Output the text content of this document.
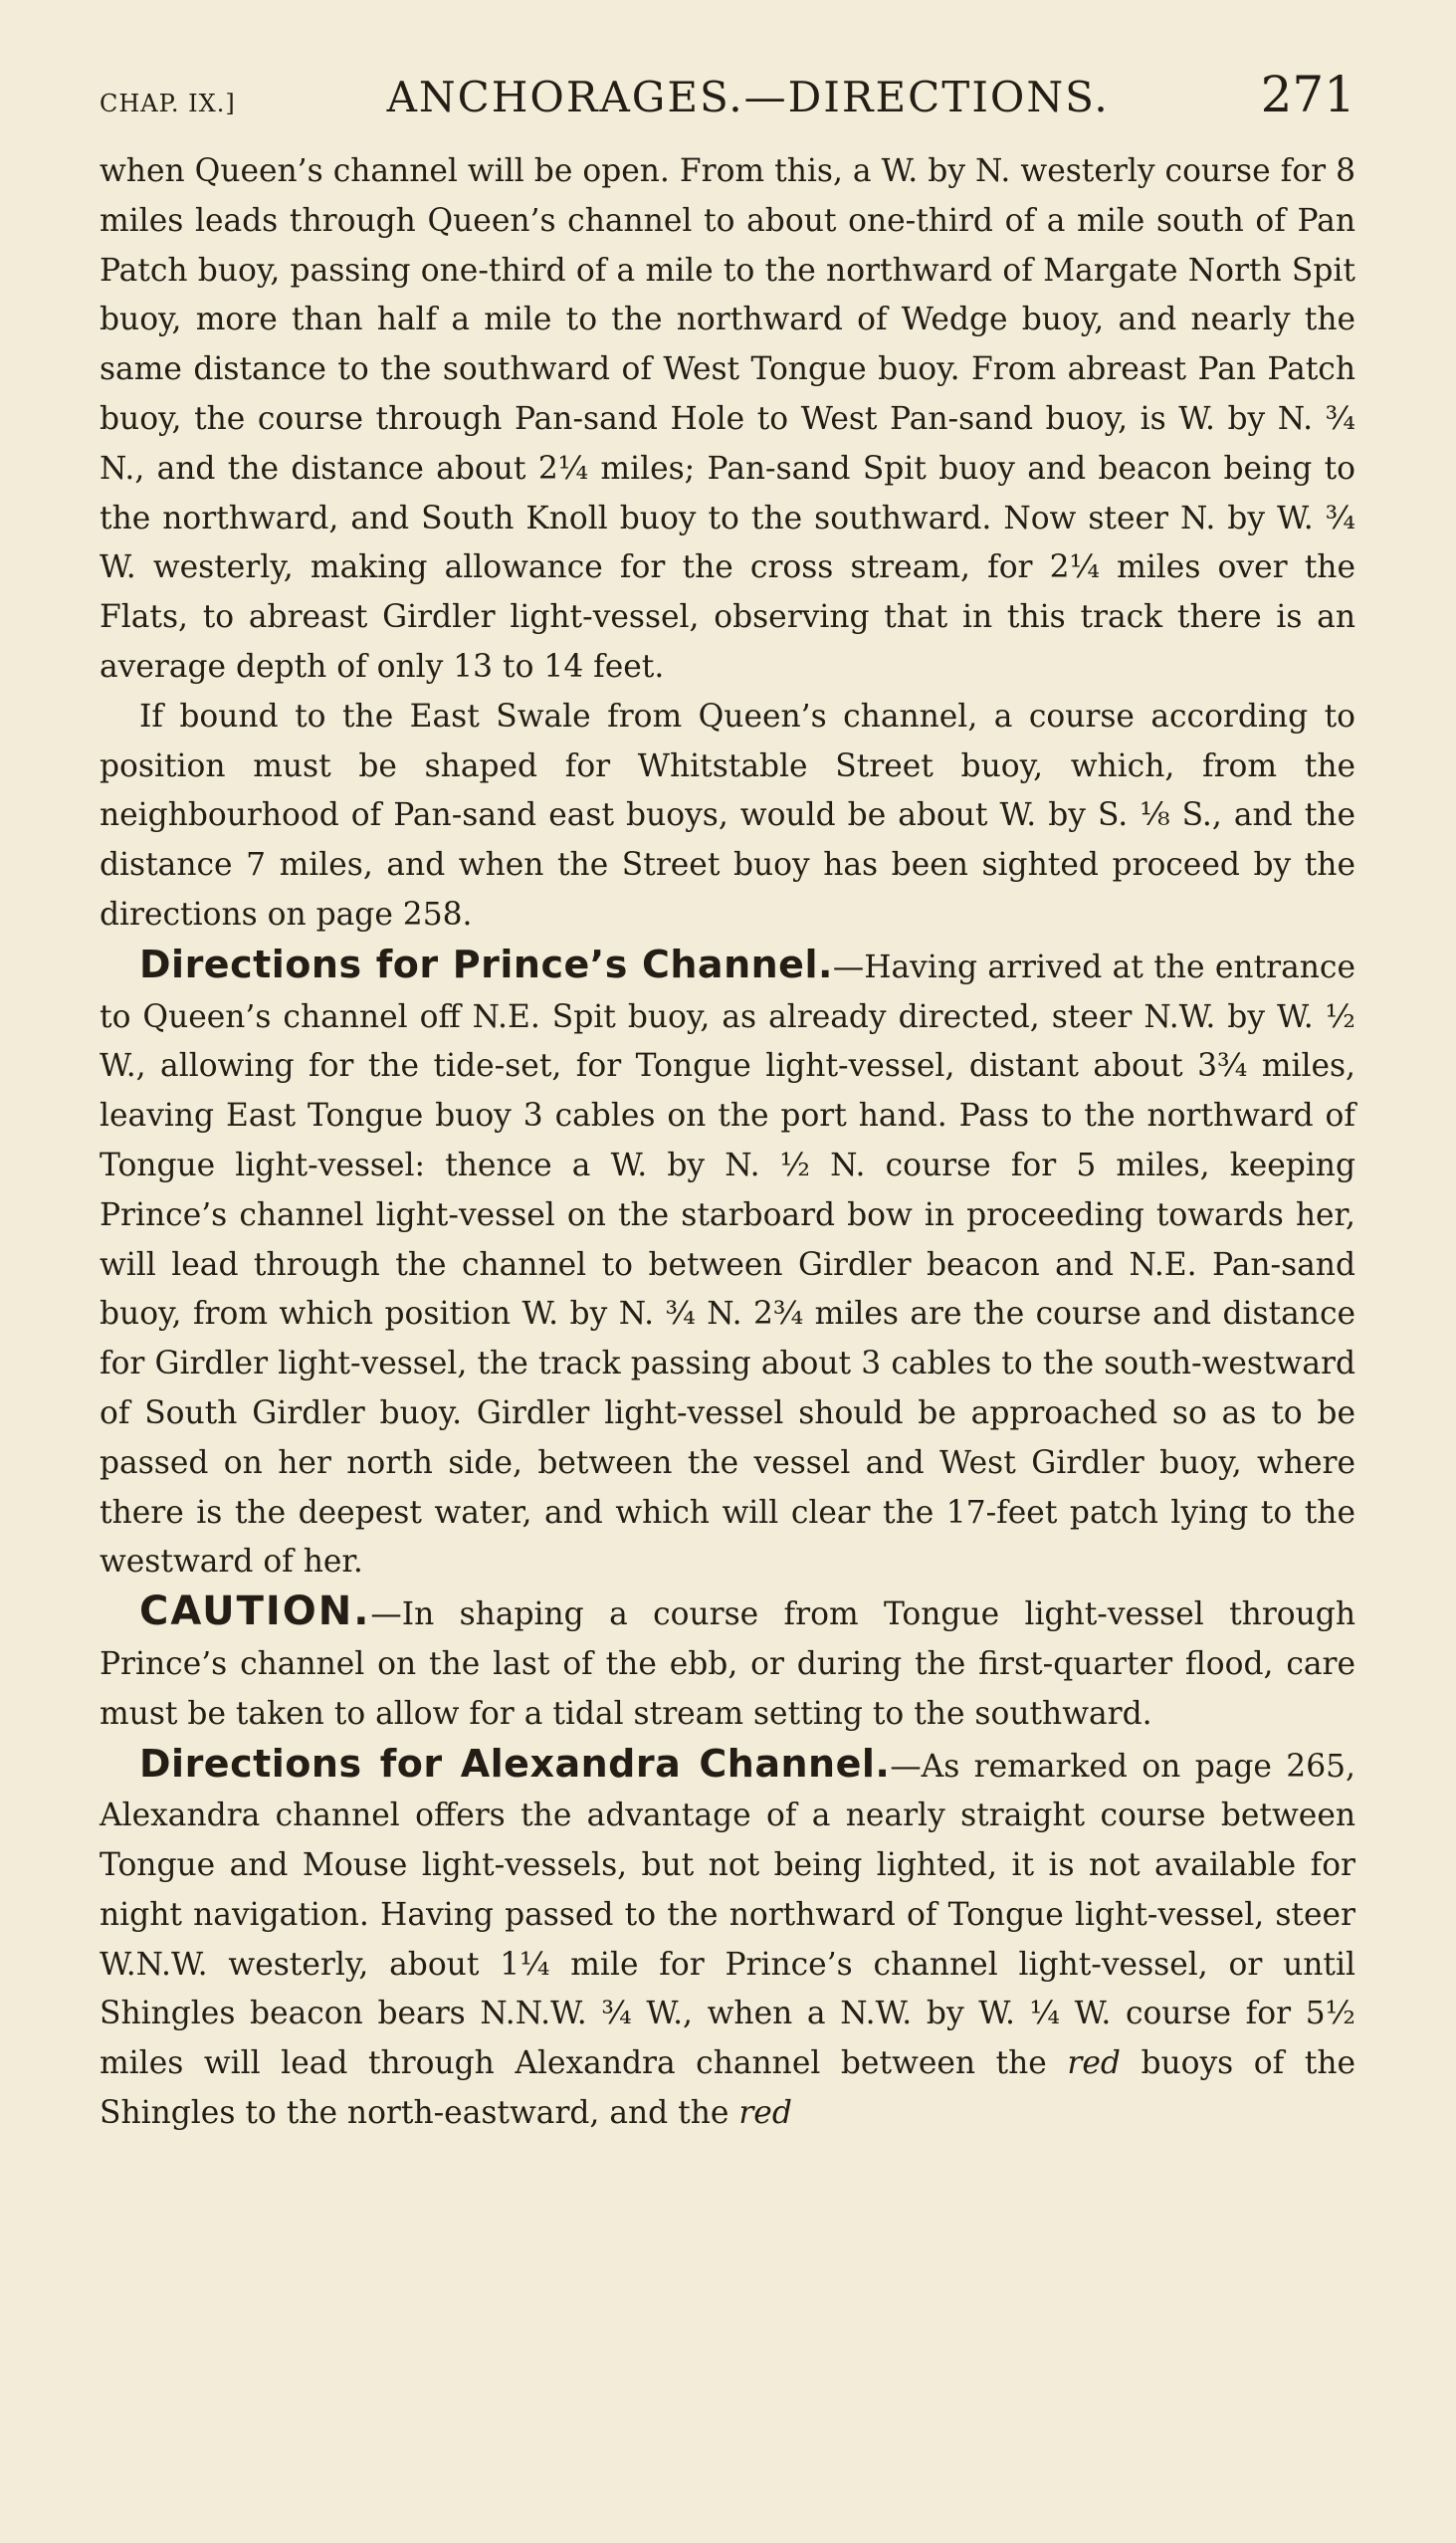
CHAP. IX.]	ANCHORAGES.—DIRECTIONS.	271

when Queen’s channel will be open. From this, a W. by N. westerly course for 8 miles leads through Queen’s channel to about one-third of a mile south of Pan Patch buoy, passing one-third of a mile to the northward of Margate North Spit buoy, more than half a mile to the northward of Wedge buoy, and nearly the same distance to the southward of West Tongue buoy. From abreast Pan Patch buoy, the course through Pan-sand Hole to West Pan-sand buoy, is W. by N. ¾ N., and the distance about 2¼ miles; Pan-sand Spit buoy and beacon being to the northward, and South Knoll buoy to the southward. Now steer N. by W. ¾ W. westerly, making allowance for the cross stream, for 2¼ miles over the Flats, to abreast Girdler light-vessel, observing that in this track there is an average depth of only 13 to 14 feet.

If bound to the East Swale from Queen’s channel, a course according to position must be shaped for Whitstable Street buoy, which, from the neighbourhood of Pan-sand east buoys, would be about W. by S. ⅛ S., and the distance 7 miles, and when the Street buoy has been sighted proceed by the directions on page 258.

Directions for Prince’s Channel.—Having arrived at the entrance to Queen’s channel off N.E. Spit buoy, as already directed, steer N.W. by W. ½ W., allowing for the tide-set, for Tongue light-vessel, distant about 3¾ miles, leaving East Tongue buoy 3 cables on the port hand. Pass to the northward of Tongue light-vessel: thence a W. by N. ½ N. course for 5 miles, keeping Prince’s channel light-vessel on the starboard bow in proceeding towards her, will lead through the channel to between Girdler beacon and N.E. Pan-sand buoy, from which position W. by N. ¾ N. 2¾ miles are the course and distance for Girdler light-vessel, the track passing about 3 cables to the south-westward of South Girdler buoy. Girdler light-vessel should be approached so as to be passed on her north side, between the vessel and West Girdler buoy, where there is the deepest water, and which will clear the 17-feet patch lying to the westward of her.

CAUTION.—In shaping a course from Tongue light-vessel through Prince’s channel on the last of the ebb, or during the first-quarter flood, care must be taken to allow for a tidal stream setting to the southward.

Directions for Alexandra Channel.—As remarked on page 265, Alexandra channel offers the advantage of a nearly straight course between Tongue and Mouse light-vessels, but not being lighted, it is not available for night navigation. Having passed to the northward of Tongue light-vessel, steer W.N.W. westerly, about 1¼ mile for Prince’s channel light-vessel, or until Shingles beacon bears N.N.W. ¾ W., when a N.W. by W. ¼ W. course for 5½ miles will lead through Alexandra channel between the red buoys of the Shingles to the north-eastward, and the red
